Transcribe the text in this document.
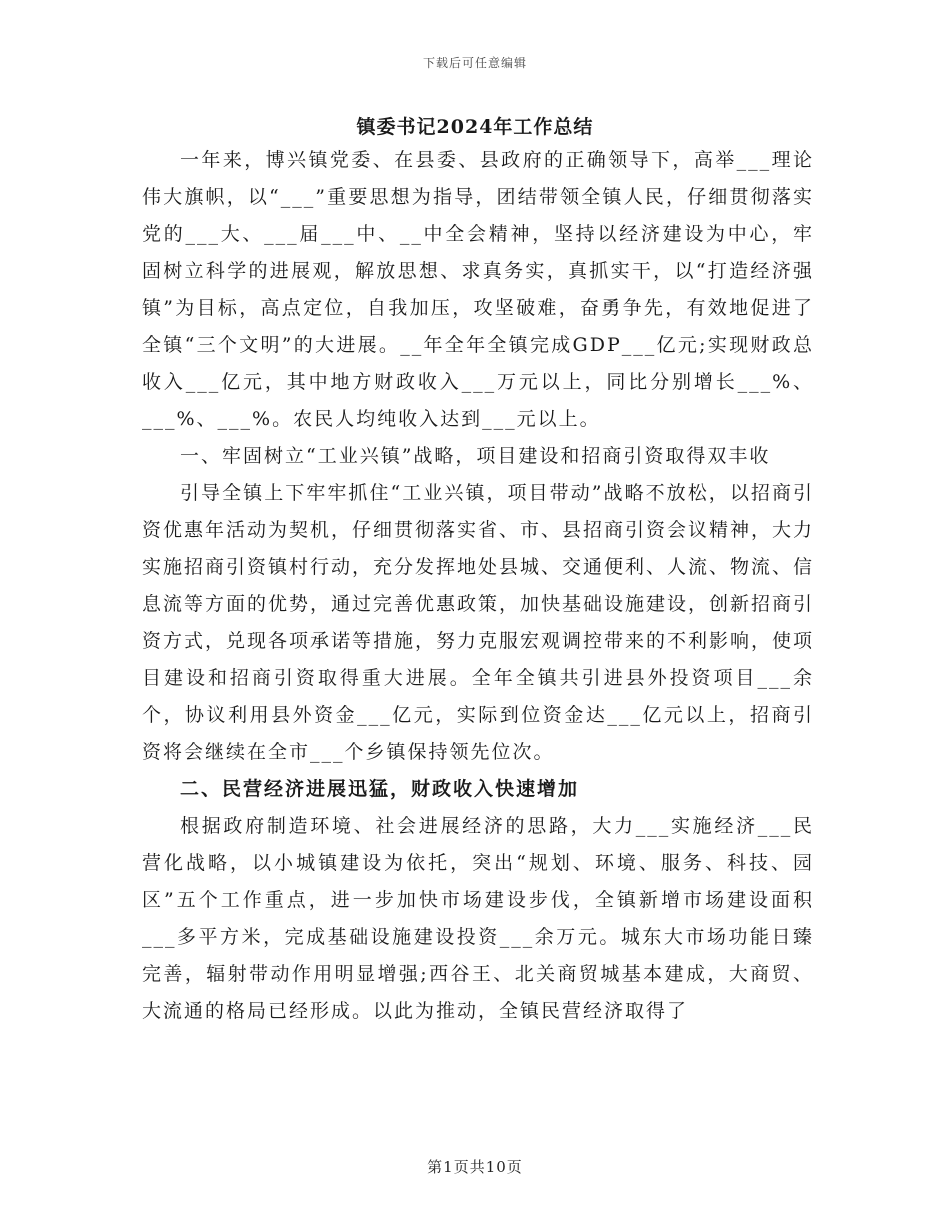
下载后可任意编辑
镇委书记2024年工作总结

一年来，博兴镇党委、在县委、县政府的正确领导下，高举___理论伟大旗帜，以“___”重要思想为指导，团结带领全镇人民，仔细贯彻落实党的___大、___届___中、__中全会精神，坚持以经济建设为中心，牢固树立科学的进展观，解放思想、求真务实，真抓实干，以“打造经济强镇”为目标，高点定位，自我加压，攻坚破难，奋勇争先，有效地促进了全镇“三个文明”的大进展。__年全年全镇完成GDP___亿元;实现财政总收入___亿元，其中地方财政收入___万元以上，同比分别增长___%、___%、___%。农民人均纯收入达到___元以上。

一、牢固树立“工业兴镇”战略，项目建设和招商引资取得双丰收

引导全镇上下牢牢抓住“工业兴镇，项目带动”战略不放松，以招商引资优惠年活动为契机，仔细贯彻落实省、市、县招商引资会议精神，大力实施招商引资镇村行动，充分发挥地处县城、交通便利、人流、物流、信息流等方面的优势，通过完善优惠政策，加快基础设施建设，创新招商引资方式，兑现各项承诺等措施，努力克服宏观调控带来的不利影响，使项目建设和招商引资取得重大进展。全年全镇共引进县外投资项目___余个，协议利用县外资金___亿元，实际到位资金达___亿元以上，招商引资将会继续在全市___个乡镇保持领先位次。

二、民营经济进展迅猛，财政收入快速增加

根据政府制造环境、社会进展经济的思路，大力___实施经济___民营化战略，以小城镇建设为依托，突出“规划、环境、服务、科技、园区”五个工作重点，进一步加快市场建设步伐，全镇新增市场建设面积___多平方米，完成基础设施建设投资___余万元。城东大市场功能日臻完善，辐射带动作用明显增强;西谷王、北关商贸城基本建成，大商贸、大流通的格局已经形成。以此为推动，全镇民营经济取得了

第1页共10页
